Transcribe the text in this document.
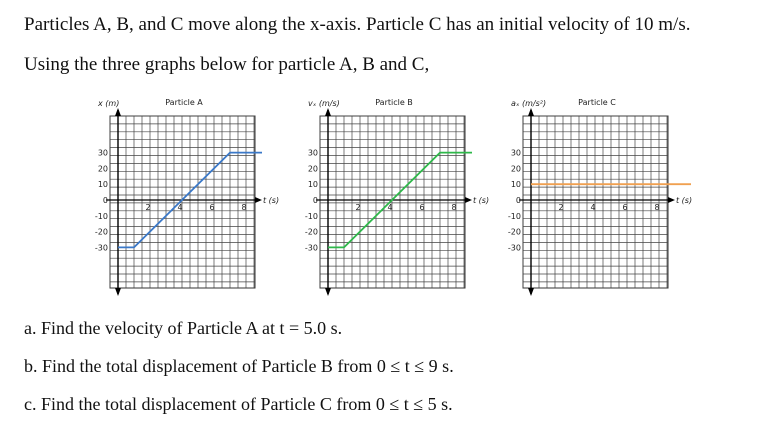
Particles A, B, and C move along the x-axis. Particle C has an initial velocity of 10 m/s.
Using the three graphs below for particle A, B and C,
x (m)	Particle A
t (s)
30
20
10
0
-10
-20
-30
2	4	6	8
vₓ (m/s)	Particle B
t (s)
30
20
10
0
-10
-20
-30
2	4	6	8
aₓ (m/s²)	Particle C
t (s)
30
20
10
0
-10
-20
-30
2	4	6	8
a. Find the velocity of Particle A at t = 5.0 s.
b. Find the total displacement of Particle B from 0 ≤ t ≤ 9 s.
c. Find the total displacement of Particle C from 0 ≤ t ≤ 5 s.
